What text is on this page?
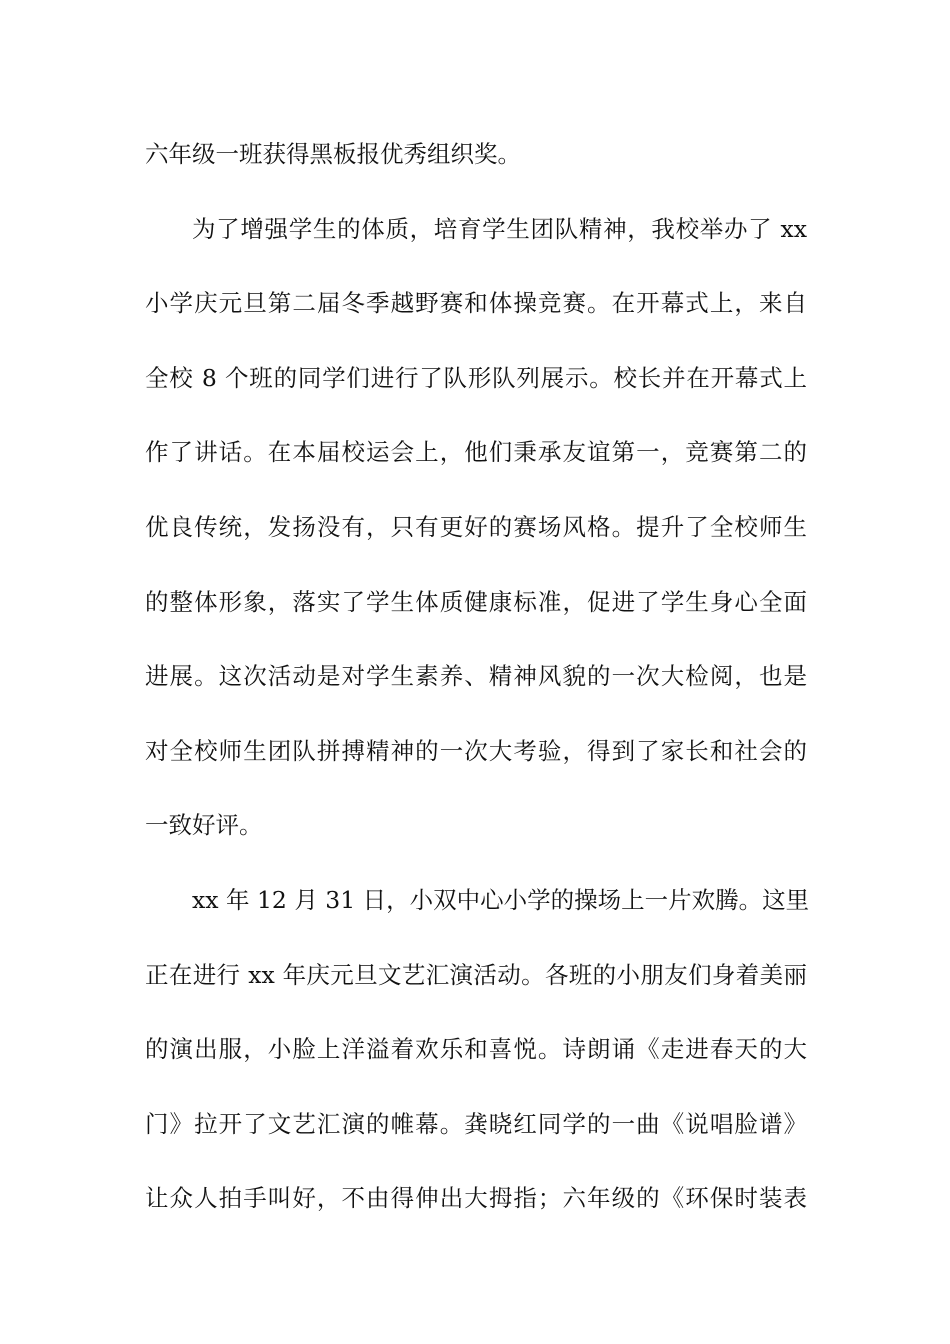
六年级一班获得黑板报优秀组织奖。
为了增强学生的体质，培育学生团队精神，我校举办了 xx
小学庆元旦第二届冬季越野赛和体操竞赛。在开幕式上，来自
全校 8 个班的同学们进行了队形队列展示。校长并在开幕式上
作了讲话。在本届校运会上，他们秉承友谊第一，竞赛第二的
优良传统，发扬没有，只有更好的赛场风格。提升了全校师生
的整体形象，落实了学生体质健康标准，促进了学生身心全面
进展。这次活动是对学生素养、精神风貌的一次大检阅，也是
对全校师生团队拼搏精神的一次大考验，得到了家长和社会的
一致好评。
xx 年 12 月 31 日，小双中心小学的操场上一片欢腾。这里
正在进行 xx 年庆元旦文艺汇演活动。各班的小朋友们身着美丽
的演出服，小脸上洋溢着欢乐和喜悦。诗朗诵《走进春天的大
门》拉开了文艺汇演的帷幕。龚晓红同学的一曲《说唱脸谱》
让众人拍手叫好，不由得伸出大拇指；六年级的《环保时装表
